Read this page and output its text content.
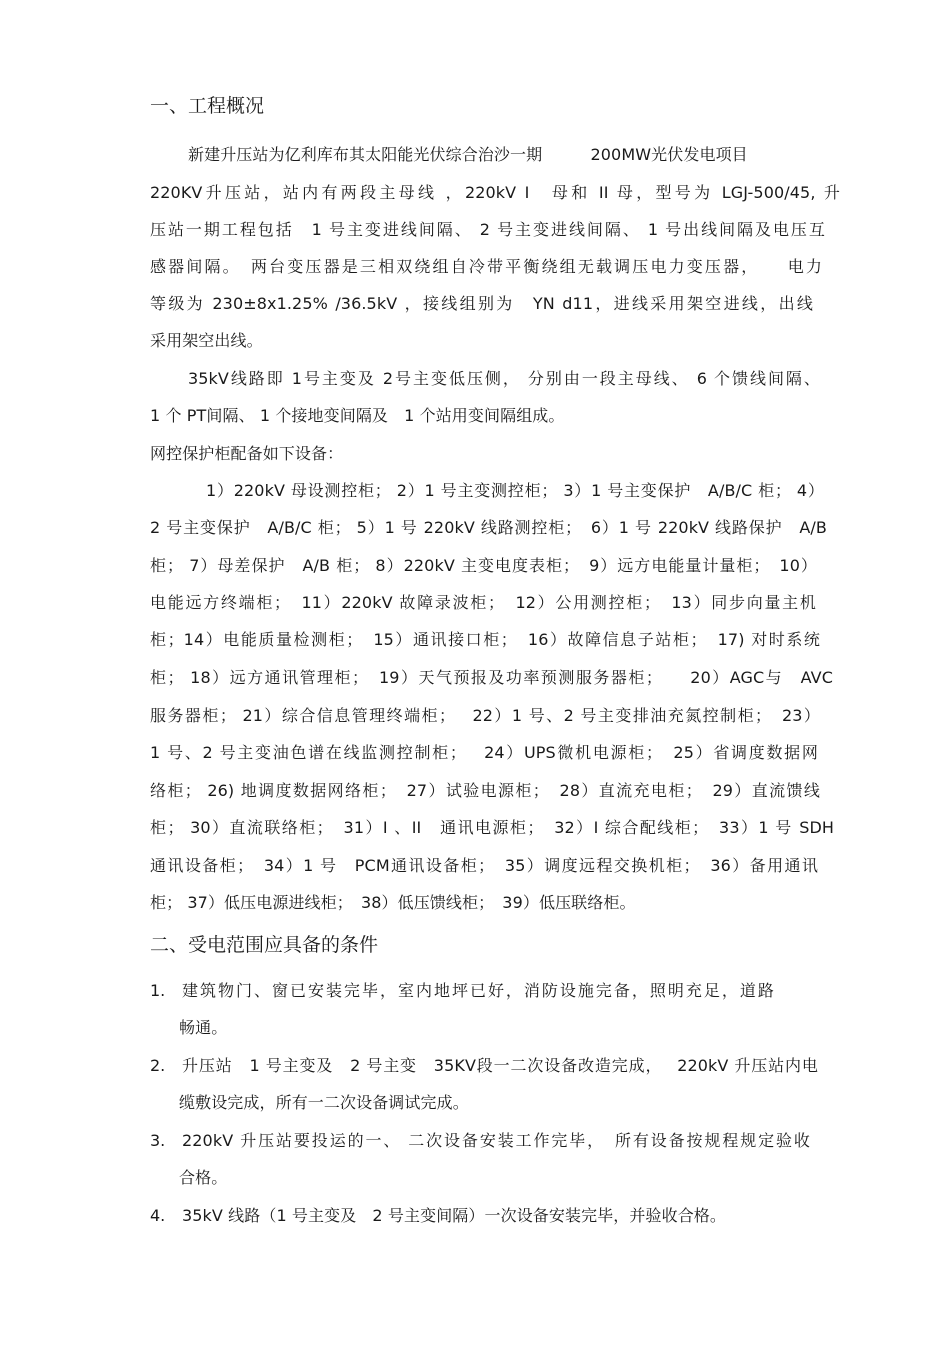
一、工程概况
新建升压站为亿利库布其太阳能光伏综合治沙一期　　　200MW光伏发电项目
220KV升压站，站内有两段主母线 ，220kV I　母和 II 母，型号为 LGJ-500/45, 升
压站一期工程包括　1 号主变进线间隔、 2 号主变进线间隔、 1 号出线间隔及电压互
感器间隔。　两台变压器是三相双绕组自冷带平衡绕组无载调压电力变压器，　　电力
等级为 230±8x1.25% /36.5kV ，接线组别为　YN d11，进线采用架空进线，出线
采用架空出线。
35kV线路即 1号主变及 2号主变低压侧， 分别由一段主母线、 6 个馈线间隔、
1 个 PT间隔、 1 个接地变间隔及　1 个站用变间隔组成。
网控保护柜配备如下设备：
1）220kV 母设测控柜； 2）1 号主变测控柜； 3）1 号主变保护　A/B/C 柜； 4）
2 号主变保护　A/B/C 柜； 5）1 号 220kV 线路测控柜；　6）1 号 220kV 线路保护　A/B
柜； 7）母差保护　A/B 柜； 8）220kV 主变电度表柜；　9）远方电能量计量柜；　10）
电能远方终端柜；　11）220kV 故障录波柜；　12）公用测控柜；　13）同步向量主机
柜；14）电能质量检测柜；　15）通讯接口柜；　16）故障信息子站柜；　17) 对时系统
柜； 18）远方通讯管理柜；　19）天气预报及功率预测服务器柜；　　20）AGC与　AVC
服务器柜； 21）综合信息管理终端柜；　 22）1 号、2 号主变排油充氮控制柜；　23）
1 号、2 号主变油色谱在线监测控制柜；　 24）UPS微机电源柜；　25）省调度数据网
络柜； 26) 地调度数据网络柜；　27）试验电源柜；　28）直流充电柜；　29）直流馈线
柜； 30）直流联络柜；　31）I 、II　通讯电源柜；　32）I 综合配线柜；　33）1 号 SDH
通讯设备柜；　34）1 号　PCM通讯设备柜；　35）调度远程交换机柜；　36）备用通讯
柜； 37）低压电源进线柜；　38）低压馈线柜；　39）低压联络柜。
二、受电范围应具备的条件
1. 建筑物门、窗已安装完毕，室内地坪已好，消防设施完备，照明充足，道路
畅通。
2. 升压站　1 号主变及　2 号主变　35KV段一二次设备改造完成，　 220kV 升压站内电
缆敷设完成，所有一二次设备调试完成。
3. 220kV 升压站要投运的一、 二次设备安装工作完毕，　所有设备按规程规定验收
合格。
4. 35kV 线路（1 号主变及　2 号主变间隔）一次设备安装完毕，并验收合格。
